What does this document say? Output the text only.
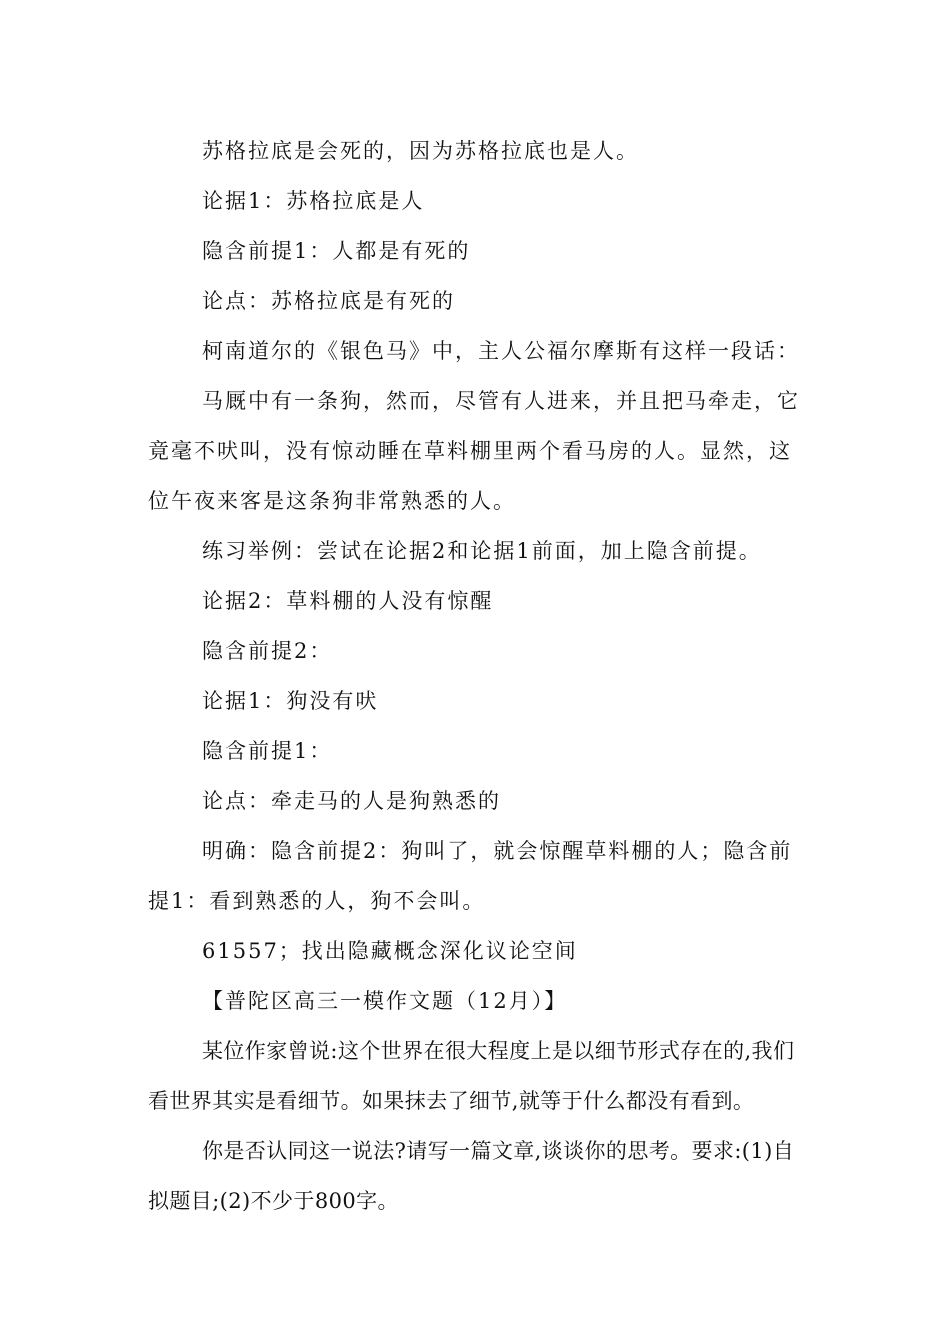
苏格拉底是会死的，因为苏格拉底也是人。

论据1：苏格拉底是人

隐含前提1：人都是有死的

论点：苏格拉底是有死的

柯南道尔的《银色马》中，主人公福尔摩斯有这样一段话：

马厩中有一条狗，然而，尽管有人进来，并且把马牵走，它竟毫不吠叫，没有惊动睡在草料棚里两个看马房的人。显然，这位午夜来客是这条狗非常熟悉的人。

练习举例：尝试在论据2和论据1前面，加上隐含前提。

论据2：草料棚的人没有惊醒

隐含前提2：

论据1：狗没有吠

隐含前提1：

论点：牵走马的人是狗熟悉的

明确：隐含前提2：狗叫了，就会惊醒草料棚的人；隐含前提1：看到熟悉的人，狗不会叫。

61557；找出隐藏概念深化议论空间

【普陀区高三一模作文题（12月）】

某位作家曾说:这个世界在很大程度上是以细节形式存在的,我们看世界其实是看细节。如果抹去了细节,就等于什么都没有看到。

你是否认同这一说法?请写一篇文章,谈谈你的思考。要求:(1)自拟题目;(2)不少于800字。
